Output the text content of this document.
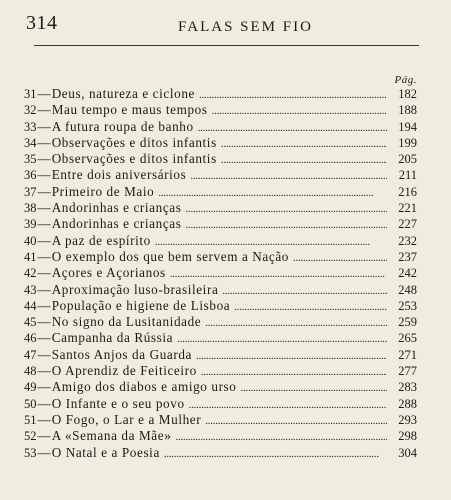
314	FALAS SEM FIO
Pág.
31 — Deus, natureza e ciclone . . .	182
32 — Mau tempo e maus tempos . . .	188
33 — A futura roupa de banho . . .	194
34 — Observações e ditos infantis . . .	199
35 — Observações e ditos infantis . . .	205
36 — Entre dois aniversários . . .	211
37 — Primeiro de Maio . . .	216
38 — Andorinhas e crianças . . .	221
39 — Andorinhas e crianças . . .	227
40 — A paz de espírito . . .	232
41 — O exemplo dos que bem servem a Nação . . .	237
42 — Açores e Açorianos . . .	242
43 — Aproximação luso-brasileira . . .	248
44 — População e higiene de Lisboa . . .	253
45 — No signo da Lusitanidade . . .	259
46 — Campanha da Rússia . . .	265
47 — Santos Anjos da Guarda . . .	271
48 — O Aprendiz de Feiticeiro . . .	277
49 — Amigo dos diabos e amigo urso . . .	283
50 — O Infante e o seu povo . . .	288
51 — O Fogo, o Lar e a Mulher . . .	293
52 — A «Semana da Mãe» . . .	298
53 — O Natal e a Poesia . . .	304
